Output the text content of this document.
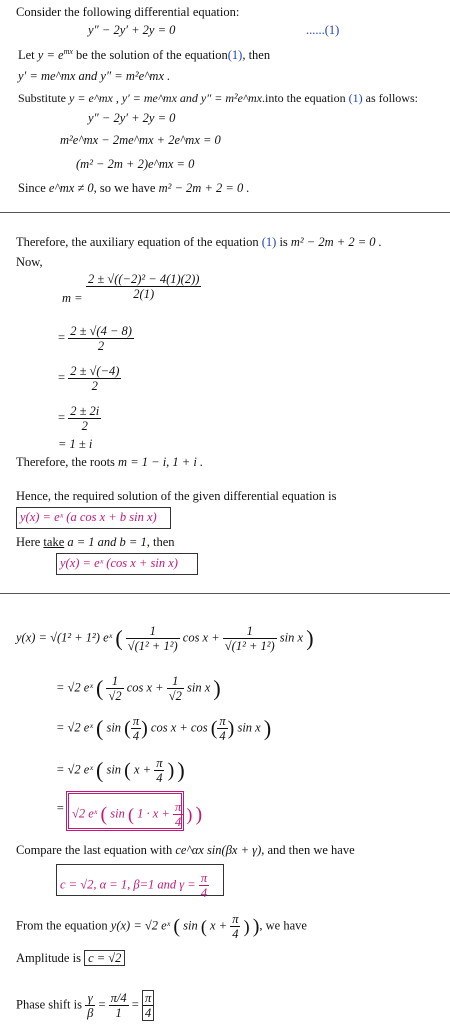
Consider the following differential equation:
y″ − 2y′ + 2y = 0	......(1)
Let $y = e^{mx}$ be the solution of the equation(1), then
y′ = me^mx and y″ = m²e^mx .
Substitute y = e^mx , y′ = me^mx and y″ = m²e^mx.into the equation (1) as follows:
y″ − 2y′ + 2y = 0
m²e^mx − 2me^mx + 2e^mx = 0
(m² − 2m + 2)e^mx = 0
Since e^mx ≠ 0, so we have m² − 2m + 2 = 0 .
Therefore, the auxiliary equation of the equation (1) is m² − 2m + 2 = 0 .
Now,
$m = \frac{\text{2 ± √((−2)² − 4(1)(2))}}{2(1)}$
= $\frac{2 \pm √(4 - 8)}{2}$
= $\frac{2 \pm √(-4)}{2}$
= $\frac{2 \pm 2i}{2}$
= 1 ± i
Therefore, the roots m = 1 − i, 1 + i .
Hence, the required solution of the given differential equation is
y(x) = eˣ (a cos x + b sin x)
Here take a = 1 and b = 1, then
y(x) = eˣ (cos x + sin x)
y(x) = √(1² + 1²) eˣ ( $\frac{1}{\text{√(1² + 1²)}}$ $\cos x + \frac{1}{\text{√(1² + 1²)}}$ sin x )
= √2 eˣ ( $\frac{1}{√2}$ $\cos x + \frac{1}{√2}$ sin x )
= √2 eˣ ( sin ( $\frac{\pi}{4}$ ) cos x + cos ( $\frac{\pi}{4}$ ) sin x )
= √2 eˣ ( sin ( $x + \frac{\pi}{4}$ ) )
= √2 eˣ ( sin ( $1 \cdot x + \frac{\pi}{4}$ ) )
Compare the last equation with ce^αx sin(βx + γ), and then we have
c = √2, α = 1, β=1 and $\gamma = \frac{\pi}{4}$
From the equation y(x) = √2 eˣ ( sin ( $x + \frac{\pi}{4}$ ) ), we have
Amplitude is c = √2
Phase shift is $\frac{\gamma}{\beta} = \frac{\pi/4}{1} = \frac{\pi}{4}$
